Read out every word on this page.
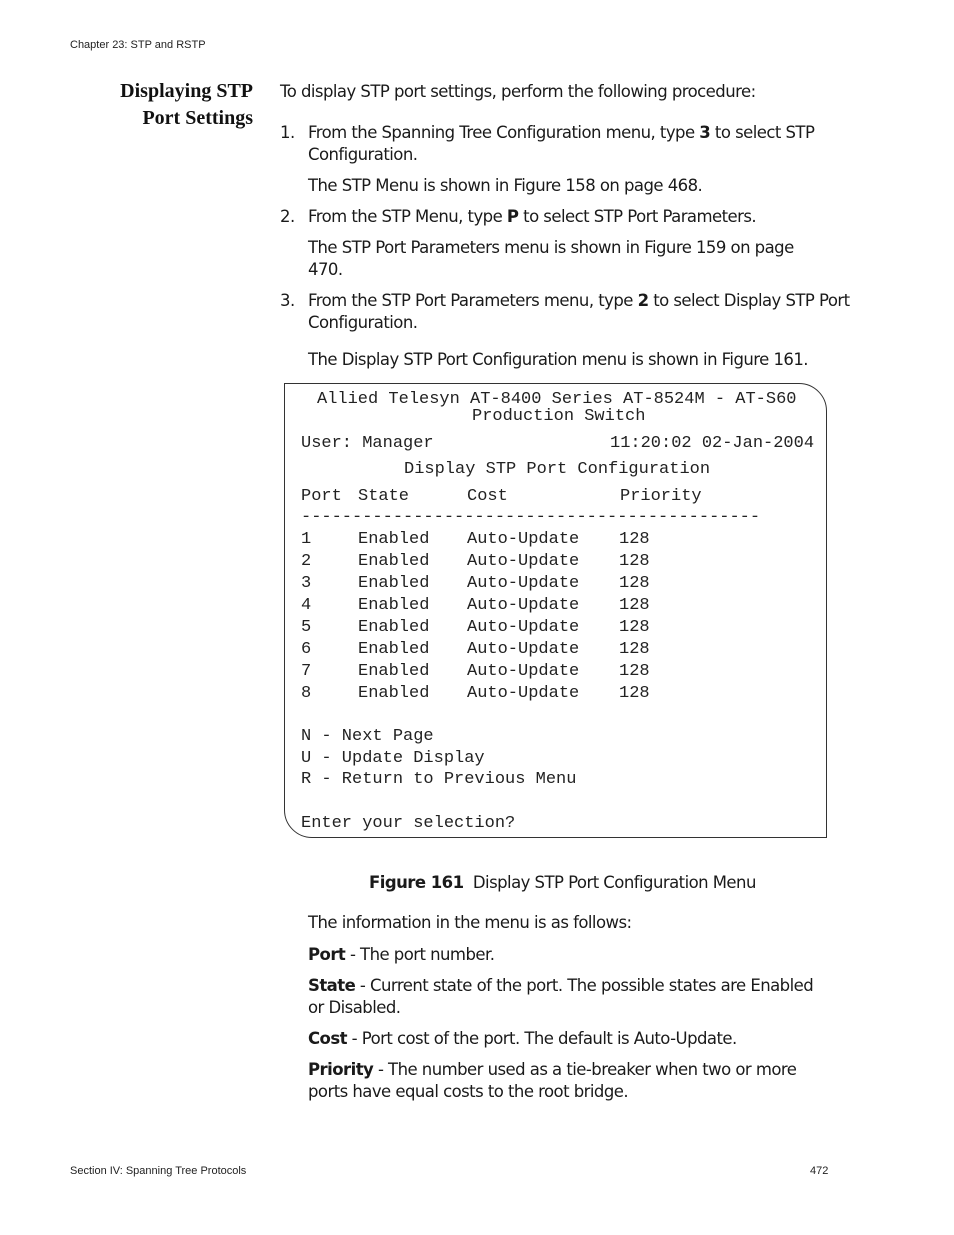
Chapter 23: STP and RSTP
Displaying STP
Port Settings
To display STP port settings, perform the following procedure:
1. From the Spanning Tree Configuration menu, type 3 to select STP
Configuration.
The STP Menu is shown in Figure 158 on page 468.
2. From the STP Menu, type P to select STP Port Parameters.
The STP Port Parameters menu is shown in Figure 159 on page
470.
3. From the STP Port Parameters menu, type 2 to select Display STP Port
Configuration.
The Display STP Port Configuration menu is shown in Figure 161.
Allied Telesyn AT-8400 Series AT-8524M - AT-S60
Production Switch
User: Manager	11:20:02 02-Jan-2004
Display STP Port Configuration
Port State	Cost	Priority
---------------------------------------------
1	Enabled Auto-Update 128
2	Enabled Auto-Update 128
3	Enabled Auto-Update 128
4	Enabled Auto-Update 128
5	Enabled Auto-Update 128
6	Enabled Auto-Update 128
7	Enabled Auto-Update 128
8	Enabled Auto-Update 128
N - Next Page
U - Update Display
R - Return to Previous Menu
Enter your selection?
Figure 161 Display STP Port Configuration Menu
The information in the menu is as follows:
Port - The port number.
State - Current state of the port. The possible states are Enabled
or Disabled.
Cost - Port cost of the port. The default is Auto-Update.
Priority - The number used as a tie-breaker when two or more
ports have equal costs to the root bridge.
Section IV: Spanning Tree Protocols	472
